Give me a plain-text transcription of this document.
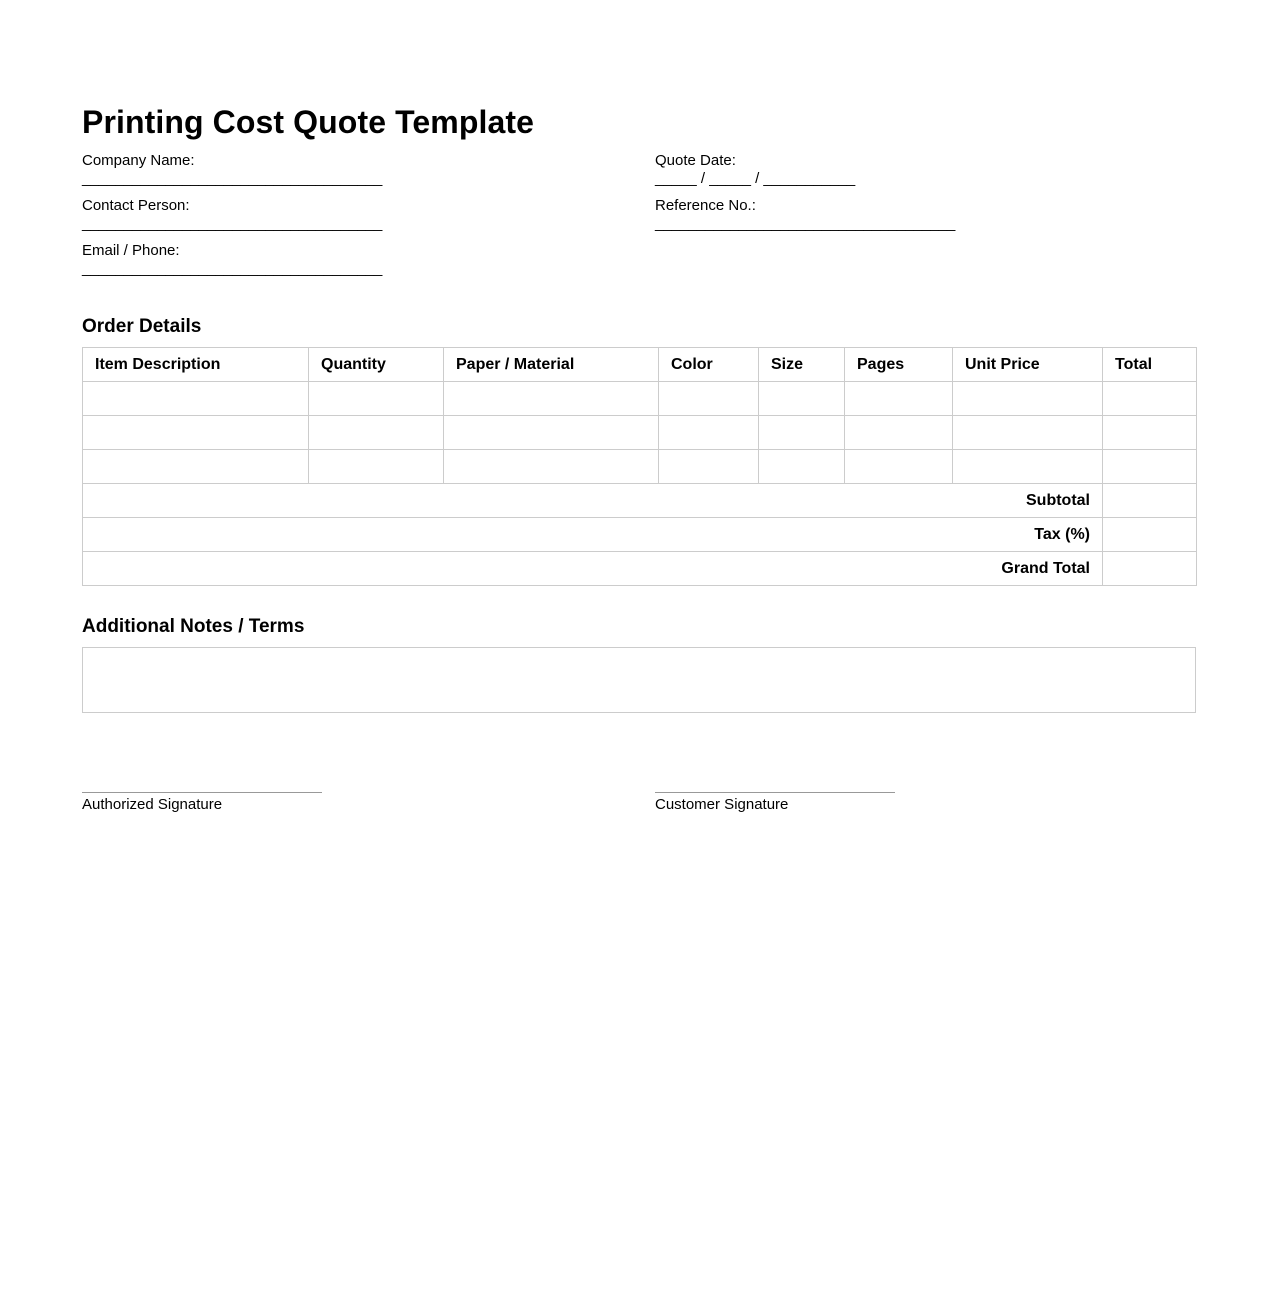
Printing Cost Quote Template
Company Name:
____________________________________
Contact Person:
____________________________________
Email / Phone:
____________________________________
Quote Date:
_____ / _____ / ___________
Reference No.:
____________________________________
Order Details
Item Description	Quantity	Paper / Material	Color	Size	Pages	Unit Price	Total

Subtotal							
Tax (%)							
Grand Total							
Additional Notes / Terms
Authorized Signature	Customer Signature
